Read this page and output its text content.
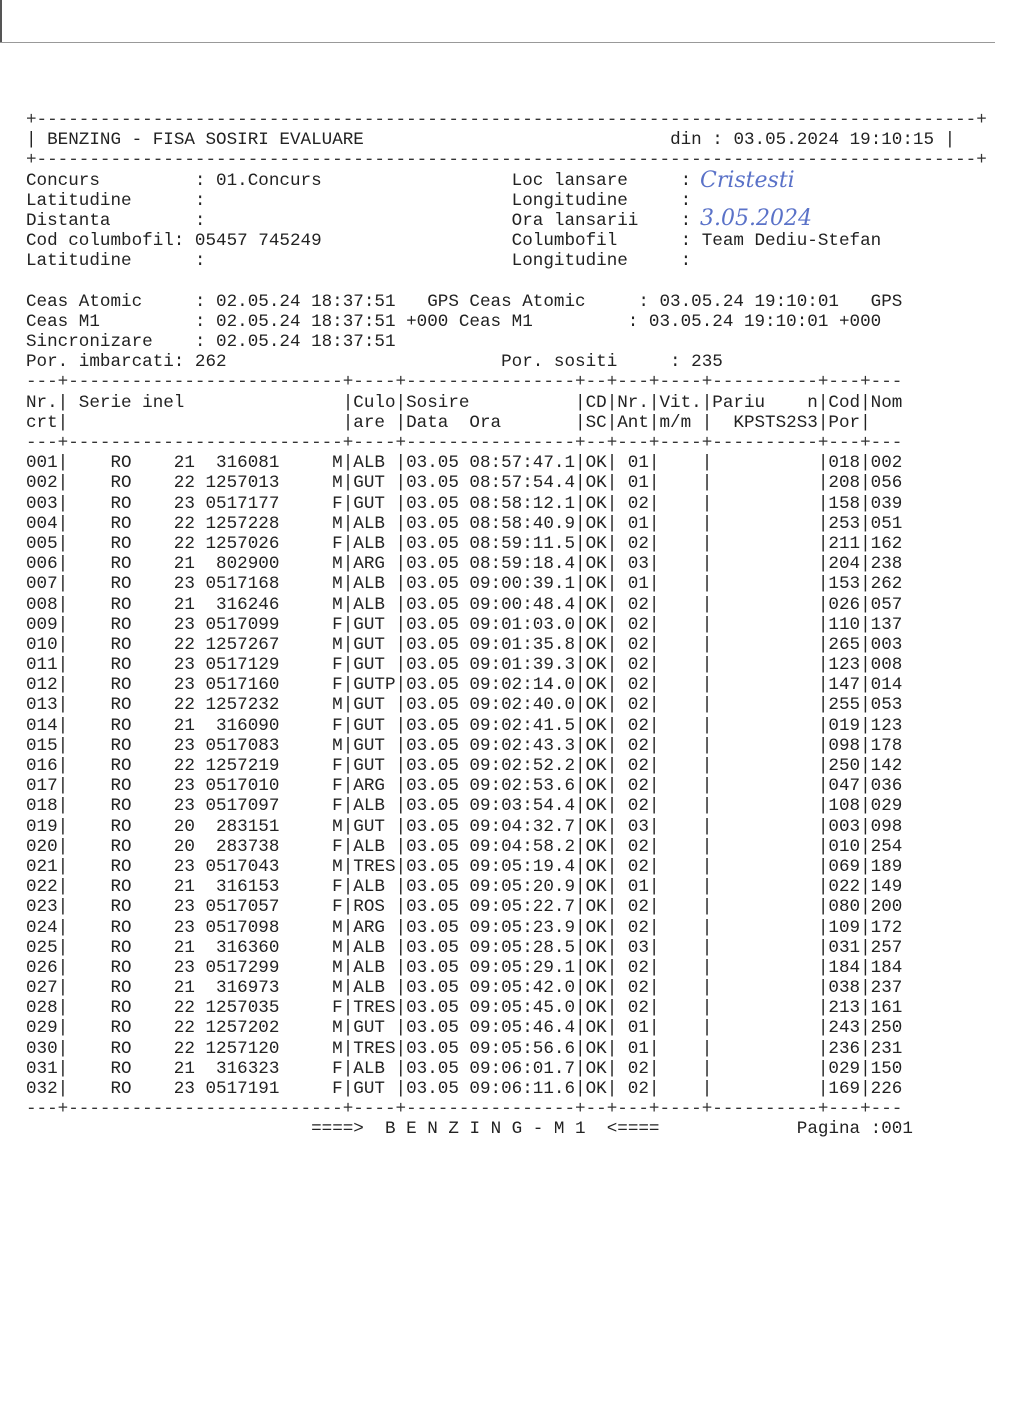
+-----------------------------------------------------------------------------------------+
| BENZING - FISA SOSIRI EVALUARE	din : 03.05.2024 19:10:15 |
+-----------------------------------------------------------------------------------------+
Concurs         : 01.Concurs                  Loc lansare     :
Latitudine      :                             Longitudine     :
Distanta        :                             Ora lansarii    :
Cod columbofil: 05457 745249                  Columbofil      : Team Dediu-Stefan
Latitudine      :                             Longitudine     :

Ceas Atomic     : 02.05.24 18:37:51   GPS Ceas Atomic     : 03.05.24 19:10:01   GPS
Ceas M1         : 02.05.24 18:37:51 +000 Ceas M1         : 03.05.24 19:10:01 +000
Sincronizare    : 02.05.24 18:37:51
Por. imbarcati: 262                          Por. sositi     : 235
---+--------------------------+----+----------------+--+---+----+----------+---+---
Nr.| Serie inel               |Culo|Sosire          |CD|Nr.|Vit.|Pariu    n|Cod|Nom
crt|                          |are |Data  Ora       |SC|Ant|m/m |  KPSTS2S3|Por|
---+--------------------------+----+----------------+--+---+----+----------+---+---
001|    RO    21  316081     M|ALB |03.05 08:57:47.1|OK| 01|    |          |018|002
002|    RO    22 1257013     M|GUT |03.05 08:57:54.4|OK| 01|    |          |208|056
003|    RO    23 0517177     F|GUT |03.05 08:58:12.1|OK| 02|    |          |158|039
004|    RO    22 1257228     M|ALB |03.05 08:58:40.9|OK| 01|    |          |253|051
005|    RO    22 1257026     F|ALB |03.05 08:59:11.5|OK| 02|    |          |211|162
006|    RO    21  802900     M|ARG |03.05 08:59:18.4|OK| 03|    |          |204|238
007|    RO    23 0517168     M|ALB |03.05 09:00:39.1|OK| 01|    |          |153|262
008|    RO    21  316246     M|ALB |03.05 09:00:48.4|OK| 02|    |          |026|057
009|    RO    23 0517099     F|GUT |03.05 09:01:03.0|OK| 02|    |          |110|137
010|    RO    22 1257267     M|GUT |03.05 09:01:35.8|OK| 02|    |          |265|003
011|    RO    23 0517129     F|GUT |03.05 09:01:39.3|OK| 02|    |          |123|008
012|    RO    23 0517160     F|GUTP|03.05 09:02:14.0|OK| 02|    |          |147|014
013|    RO    22 1257232     M|GUT |03.05 09:02:40.0|OK| 02|    |          |255|053
014|    RO    21  316090     F|GUT |03.05 09:02:41.5|OK| 02|    |          |019|123
015|    RO    23 0517083     M|GUT |03.05 09:02:43.3|OK| 02|    |          |098|178
016|    RO    22 1257219     F|GUT |03.05 09:02:52.2|OK| 02|    |          |250|142
017|    RO    23 0517010     F|ARG |03.05 09:02:53.6|OK| 02|    |          |047|036
018|    RO    23 0517097     F|ALB |03.05 09:03:54.4|OK| 02|    |          |108|029
019|    RO    20  283151     M|GUT |03.05 09:04:32.7|OK| 03|    |          |003|098
020|    RO    20  283738     F|ALB |03.05 09:04:58.2|OK| 02|    |          |010|254
021|    RO    23 0517043     M|TRES|03.05 09:05:19.4|OK| 02|    |          |069|189
022|    RO    21  316153     F|ALB |03.05 09:05:20.9|OK| 01|    |          |022|149
023|    RO    23 0517057     F|ROS |03.05 09:05:22.7|OK| 02|    |          |080|200
024|    RO    23 0517098     M|ARG |03.05 09:05:23.9|OK| 02|    |          |109|172
025|    RO    21  316360     M|ALB |03.05 09:05:28.5|OK| 03|    |          |031|257
026|    RO    23 0517299     M|ALB |03.05 09:05:29.1|OK| 02|    |          |184|184
027|    RO    21  316973     M|ALB |03.05 09:05:42.0|OK| 02|    |          |038|237
028|    RO    22 1257035     F|TRES|03.05 09:05:45.0|OK| 02|    |          |213|161
029|    RO    22 1257202     M|GUT |03.05 09:05:46.4|OK| 01|    |          |243|250
030|    RO    22 1257120     M|TRES|03.05 09:05:56.6|OK| 01|    |          |236|231
031|    RO    21  316323     F|ALB |03.05 09:06:01.7|OK| 02|    |          |029|150
032|    RO    23 0517191     F|GUT |03.05 09:06:11.6|OK| 02|    |          |169|226
---+--------------------------+----+----------------+--+---+----+----------+---+---
====>  B E N Z I N G - M 1  <====	Pagina :001
Cristesti
3.05.2024
